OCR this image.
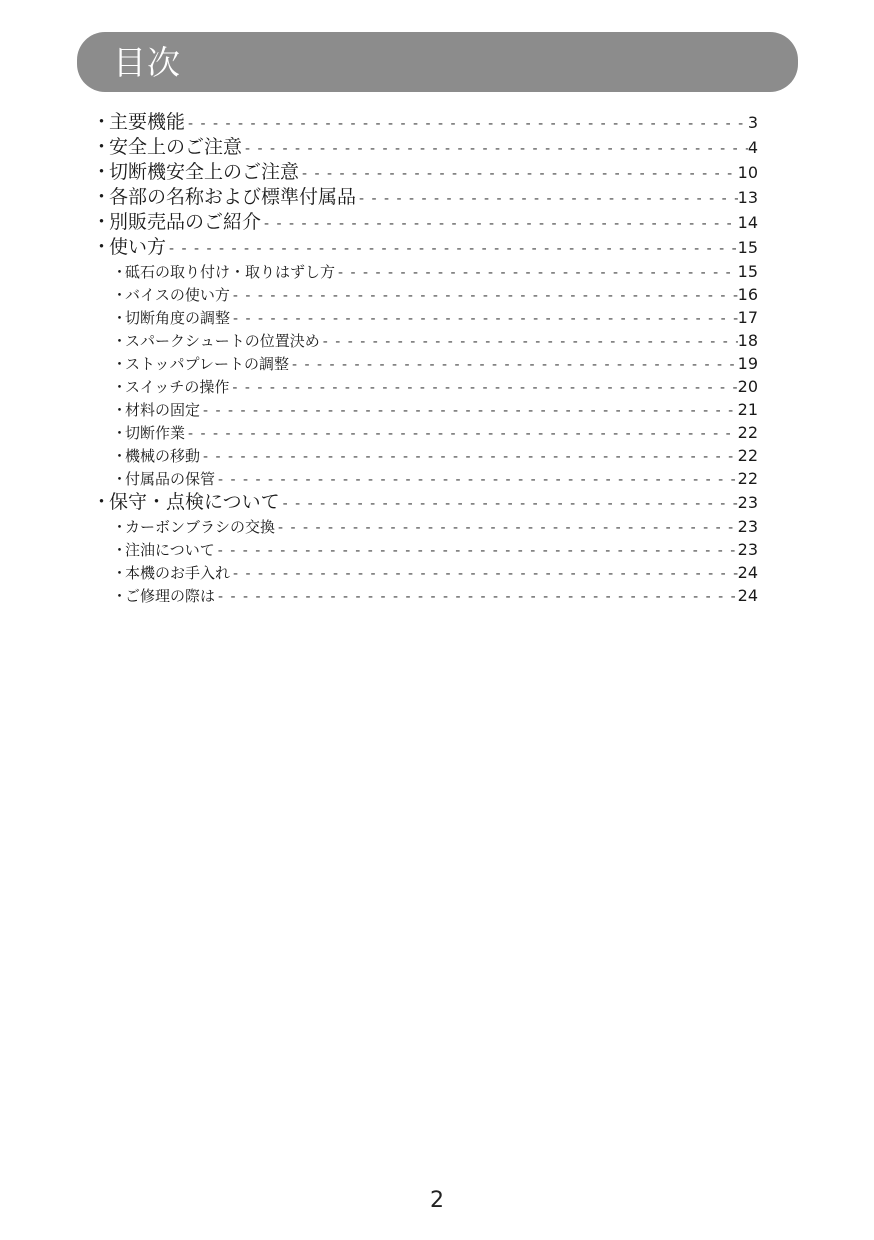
目次
・
主要機能 - - -	3
・
安全上のご注意 - - -	4
・
切断機安全上のご注意 - - -	10
・
各部の名称および標準付属品 - - -	13
・
別販売品のご紹介 - - -	14
・
使い方 - - -	15
・
砥石の取り付け・取りはずし方 - - -	15
・
バイスの使い方 - - -	16
・
切断角度の調整 - - -	17
・
スパークシュートの位置決め - - -	18
・
ストッパプレートの調整 - - -	19
・
スイッチの操作 - - -	20
・
材料の固定 - - -	21
・
切断作業 - - -	22
・
機械の移動 - - -	22
・
付属品の保管 - - -	22
・
保守・点検について - - -	23
・
カーボンブラシの交換 - - -	23
・
注油について - - -	23
・
本機のお手入れ - - -	24
・
ご修理の際は - - -	24
2
